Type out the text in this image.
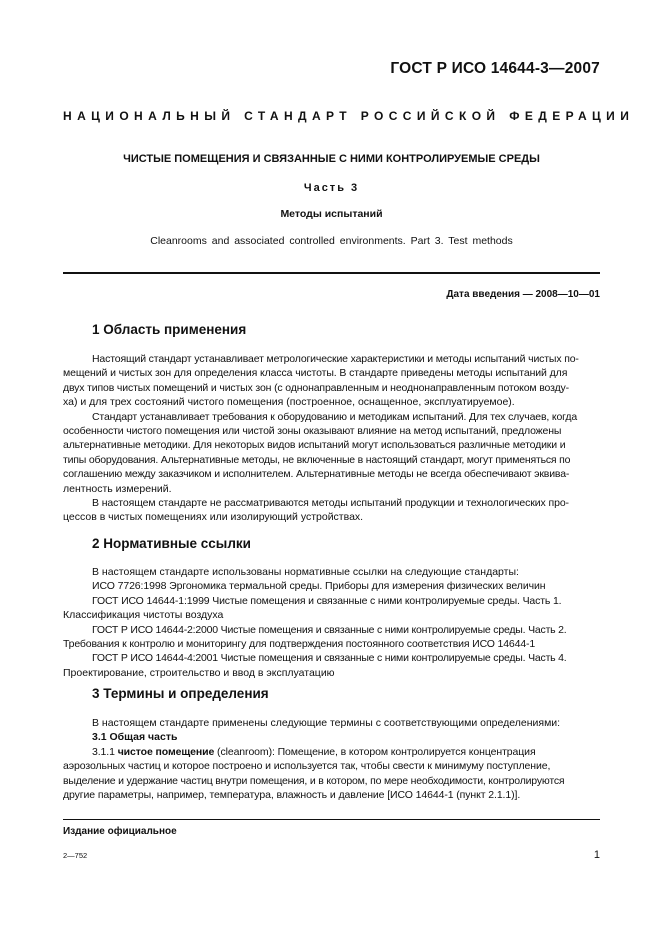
ГОСТ Р ИСО 14644-3—2007
НАЦИОНАЛЬНЫЙ СТАНДАРТ РОССИЙСКОЙ ФЕДЕРАЦИИ
ЧИСТЫЕ ПОМЕЩЕНИЯ И СВЯЗАННЫЕ С НИМИ КОНТРОЛИРУЕМЫЕ СРЕДЫ
Часть 3
Методы испытаний
Cleanrooms and associated controlled environments. Part 3. Test methods
Дата введения — 2008—10—01
1 Область применения
Настоящий стандарт устанавливает метрологические характеристики и методы испытаний чистых по-
мещений и чистых зон для определения класса чистоты. В стандарте приведены методы испытаний для
двух типов чистых помещений и чистых зон (с однонаправленным и неоднонаправленным потоком возду-
ха) и для трех состояний чистого помещения (построенное, оснащенное, эксплуатируемое).
Стандарт устанавливает требования к оборудованию и методикам испытаний. Для тех случаев, когда
особенности чистого помещения или чистой зоны оказывают влияние на метод испытаний, предложены
альтернативные методики. Для некоторых видов испытаний могут использоваться различные методики и
типы оборудования. Альтернативные методы, не включенные в настоящий стандарт, могут применяться по
соглашению между заказчиком и исполнителем. Альтернативные методы не всегда обеспечивают эквива-
лентность измерений.
В настоящем стандарте не рассматриваются методы испытаний продукции и технологических про-
цессов в чистых помещениях или изолирующий устройствах.
2 Нормативные ссылки
В настоящем стандарте использованы нормативные ссылки на следующие стандарты:
ИСО 7726:1998 Эргономика термальной среды. Приборы для измерения физических величин
ГОСТ ИСО 14644-1:1999 Чистые помещения и связанные с ними контролируемые среды. Часть 1.
Классификация чистоты воздуха
ГОСТ Р ИСО 14644-2:2000 Чистые помещения и связанные с ними контролируемые среды. Часть 2.
Требования к контролю и мониторингу для подтверждения постоянного соответствия ИСО 14644-1
ГОСТ Р ИСО 14644-4:2001 Чистые помещения и связанные с ними контролируемые среды. Часть 4.
Проектирование, строительство и ввод в эксплуатацию
3 Термины и определения
В настоящем стандарте применены следующие термины с соответствующими определениями:
3.1 Общая часть
3.1.1 чистое помещение (cleanroom): Помещение, в котором контролируется концентрация
аэрозольных частиц и которое построено и используется так, чтобы свести к минимуму поступление,
выделение и удержание частиц внутри помещения, и в котором, по мере необходимости, контролируются
другие параметры, например, температура, влажность и давление [ИСО 14644-1 (пункт 2.1.1)].
Издание официальное
2—752	1
